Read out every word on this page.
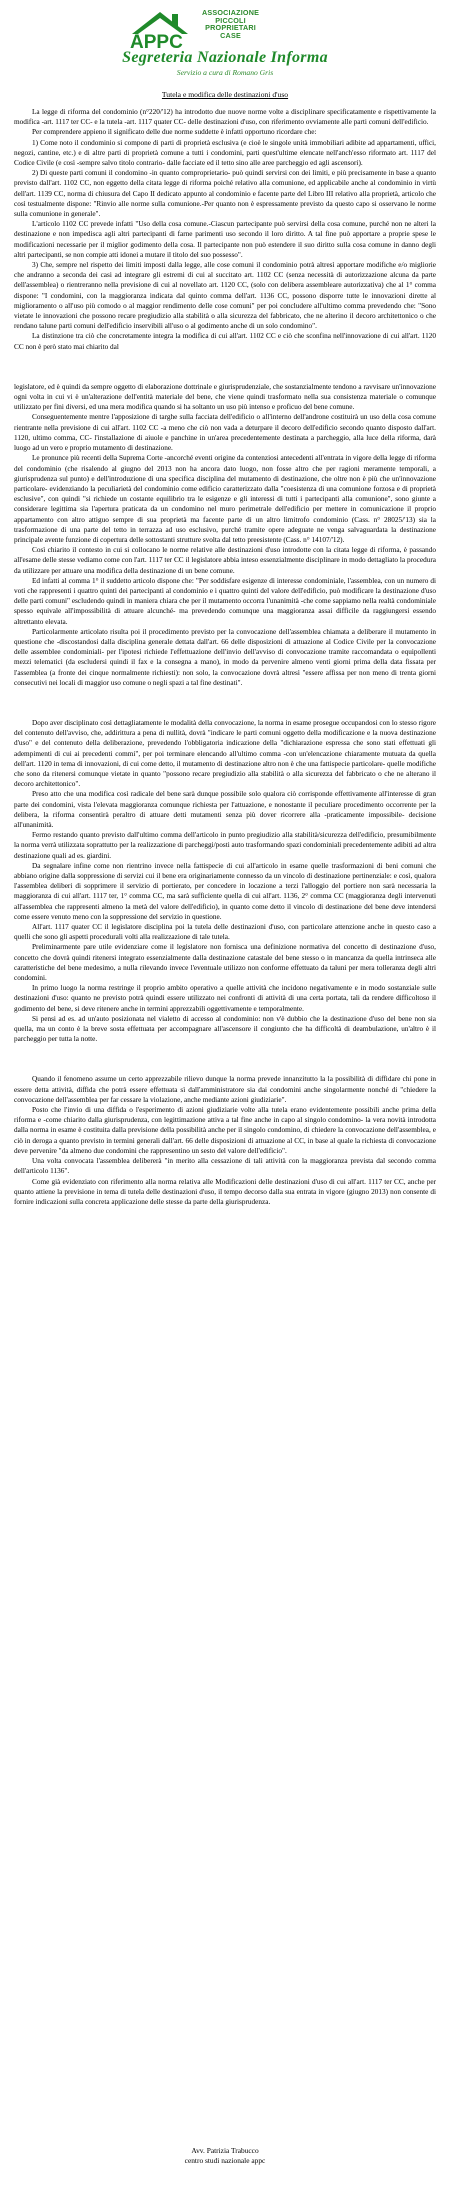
APPC
ASSOCIAZIONE
PICCOLI
PROPRIETARI
CASE
Segreteria Nazionale Informa
Servizio a cura di Romano Gris
Tutela e modifica delle destinazioni d'uso

La legge di riforma del condominio (n°220/'12) ha introdotto due nuove norme volte a disciplinare specificatamente e rispettivamente la modifica -art. 1117 ter CC- e la tutela -art. 1117 quater CC- delle destinazioni d'uso, con riferimento ovviamente alle parti comuni dell'edificio.

Per comprendere appieno il significato delle due norme suddette è infatti opportuno ricordare che:

1) Come noto il condominio si compone di parti di proprietà esclusiva (e cioè le singole unità immobiliari adibite ad appartamenti, uffici, negozi, cantine, etc.) e di altre parti di proprietà comune a tutti i condomini, parti quest'ultime elencate nell'anch'esso riformato art. 1117 del Codice Civile (e così -sempre salvo titolo contrario- dalle facciate ed il tetto sino alle aree parcheggio ed agli ascensori).

2) Di queste parti comuni il condomino -in quanto comproprietario- può quindi servirsi con dei limiti, e più precisamente in base a quanto previsto dall'art. 1102 CC, non eggetto della citata legge di riforma poiché relativo alla comunione, ed applicabile anche al condominio in virtù dell'art. 1139 CC, norma di chiusura del Capo II dedicato appunto al condominio e facente parte del Libro III relativo alla proprietà, articolo che così testualmente dispone: "Rinvio alle norme sulla comunione.-Per quanto non è espressamente previsto da questo capo si osservano le norme sulla comunione in generale".

L'articolo 1102 CC prevede infatti "Uso della cosa comune.-Ciascun partecipante può servirsi della cosa comune, purché non ne alteri la destinazione e non impedisca agli altri partecipanti di farne parimenti uso secondo il loro diritto. A tal fine può apportare a proprie spese le modificazioni necessarie per il miglior godimento della cosa. Il partecipante non può estendere il suo diritto sulla cosa comune in danno degli altri partecipanti, se non compie atti idonei a mutare il titolo del suo possesso".

3) Che, sempre nel rispetto dei limiti imposti dalla legge, alle cose comuni il condominio potrà altresì apportare modifiche e/o migliorie che andranno a seconda dei casi ad integrare gli estremi di cui al succitato art. 1102 CC (senza necessità di autorizzazione alcuna da parte dell'assemblea) o rientreranno nella previsione di cui al novellato art. 1120 CC, (solo con delibera assembleare autorizzativa) che al 1° comma dispone: "I condomini, con la maggioranza indicata dal quinto comma dell'art. 1136 CC, possono disporre tutte le innovazioni dirette al miglioramento o all'uso più comodo o al maggior rendimento delle cose comuni" per poi concludere all'ultimo comma prevedendo che: "Sono vietate le innovazioni che possono recare pregiudizio alla stabilità o alla sicurezza del fabbricato, che ne alterino il decoro architettonico o che rendano talune parti comuni dell'edificio inservibili all'uso o al godimento anche di un solo condomino".

La distinzione tra ciò che concretamente integra la modifica di cui all'art. 1102 CC e ciò che sconfina nell'innovazione di cui all'art. 1120 CC non è però stato mai chiarito dal

legislatore, ed è quindi da sempre oggetto di elaborazione dottrinale e giurisprudenziale, che sostanzialmente tendono a ravvisare un'innovazione ogni volta in cui vi è un'alterazione dell'entità materiale del bene, che viene quindi trasformato nella sua consistenza materiale o comunque utilizzato per fini diversi, ed una mera modifica quando si ha soltanto un uso più intenso e proficuo del bene comune.

Conseguentemente mentre l'apposizione di targhe sulla facciata dell'edificio o all'interno dell'androne costituirà un uso della cosa comune rientrante nella previsione di cui all'art. 1102 CC -a meno che ciò non vada a deturpare il decoro dell'edificio secondo quanto disposto dall'art. 1120, ultimo comma, CC- l'installazione di aiuole e panchine in un'area precedentemente destinata a parcheggio, alla luce della riforma, darà luogo ad un vero e proprio mutamento di destinazione.

Le pronunce più recenti della Suprema Corte -ancorché eventi origine da contenziosi antecedenti all'entrata in vigore della legge di riforma del condominio (che risalendo al giugno del 2013 non ha ancora dato luogo, non fosse altro che per ragioni meramente temporali, a giurisprudenza sul punto) e dell'introduzione di una specifica disciplina del mutamento di destinazione, che oltre non è più che un'innovazione particolare- evidenziando la peculiarietà del condominio come edificio caratterizzato dalla "coesistenza di una comunione forzosa e di proprietà esclusive", con quindi "si richiede un costante equilibrio tra le esigenze e gli interessi di tutti i partecipanti alla comunione", sono giunte a considerare legittima sia l'apertura praticata da un condomino nel muro perimetrale dell'edificio per mettere in comunicazione il proprio appartamento con altro attiguo sempre di sua proprietà ma facente parte di un altro limitrofo condominio (Cass. n° 28025/'13) sia la trasformazione di una parte del tetto in terrazza ad uso esclusivo, purché tramite opere adeguate ne venga salvaguardata la destinazione principale avente funzione di copertura delle sottostanti strutture svolta dal tetto preesistente (Cass. n° 14107/'12).

Così chiarito il contesto in cui si collocano le norme relative alle destinazioni d'uso introdotte con la citata legge di riforma, è passando all'esame delle stesse vediamo come con l'art. 1117 ter CC il legislatore abbia inteso essenzialmente disciplinare in modo dettagliato la procedura da utilizzare per attuare una modifica della destinazione di un bene comune.

Ed infatti al comma 1° il suddetto articolo dispone che: "Per soddisfare esigenze di interesse condominiale, l'assemblea, con un numero di voti che rappresenti i quattro quinti dei partecipanti al condominio e i quattro quinti del valore dell'edificio, può modificare la destinazione d'uso delle parti comuni" escludendo quindi in maniera chiara che per il mutamento occorra l'unanimità -che come sappiamo nella realtà condominiale spesso equivale all'impossibilità di attuare alcunché- ma prevedendo comunque una maggioranza assai difficile da raggiungersi essendo altrettanto elevata.

Particolarmente articolato risulta poi il procedimento previsto per la convocazione dell'assemblea chiamata a deliberare il mutamento in questione che -discostandosi dalla disciplina generale dettata dall'art. 66 delle disposizioni di attuazione al Codice Civile per la convocazione delle assemblee condominiali- per l'ipotesi richiede l'effettuazione dell'invio dell'avviso di convocazione tramite raccomandata o equipollenti mezzi telematici (da escludersi quindi il fax e la consegna a mano), in modo da pervenire almeno venti giorni prima della data fissata per l'assemblea (a fronte dei cinque normalmente richiesti): non solo, la convocazione dovrà altresì "essere affissa per non meno di trenta giorni consecutivi nei locali di maggior uso comune o negli spazi a tal fine destinati".

Dopo aver disciplinato così dettagliatamente le modalità della convocazione, la norma in esame prosegue occupandosi con lo stesso rigore del contenuto dell'avviso, che, addirittura a pena di nullità, dovrà "indicare le parti comuni oggetto della modificazione e la nuova destinazione d'uso" e del contenuto della deliberazione, prevedendo l'obbligatoria indicazione della "dichiarazione espressa che sono stati effettuati gli adempimenti di cui ai precedenti commi", per poi terminare elencando all'ultimo comma -con un'elencazione chiaramente mutuata da quella dell'art. 1120 in tema di innovazioni, di cui come detto, il mutamento di destinazione altro non è che una fattispecie particolare- quelle modifiche che sono da ritenersi comunque vietate in quanto "possono recare pregiudizio alla stabilità o alla sicurezza del fabbricato o che ne alterano il decoro architettonico".

Preso atto che una modifica così radicale del bene sarà dunque possibile solo qualora ciò corrisponde effettivamente all'interesse di gran parte dei condomini, vista l'elevata maggioranza comunque richiesta per l'attuazione, e nonostante il peculiare procedimento occorrente per la delibera, la riforma consentirà peraltro di attuare detti mutamenti senza più dover ricorrere alla -praticamente impossibile- decisione all'unanimità.

Fermo restando quanto previsto dall'ultimo comma dell'articolo in punto pregiudizio alla stabilità/sicurezza dell'edificio, presumibilmente la norma verrà utilizzata soprattutto per la realizzazione di parcheggi/posti auto trasformando spazi condominiali precedentemente adibiti ad altra destinazione quali ad es. giardini.

Da segnalare infine come non rientrino invece nella fattispecie di cui all'articolo in esame quelle trasformazioni di beni comuni che abbiano origine dalla soppressione di servizi cui il bene era originariamente connesso da un vincolo di destinazione pertinenziale: e così, qualora l'assemblea deliberi di sopprimere il servizio di portierato, per concedere in locazione a terzi l'alloggio del portiere non sarà necessaria la maggioranza di cui all'art. 1117 ter, 1° comma CC, ma sarà sufficiente quella di cui all'art. 1136, 2° comma CC (maggioranza degli intervenuti all'assemblea che rappresenti almeno la metà del valore dell'edificio), in quanto come detto il vincolo di destinazione del bene deve intendersi come essere venuto meno con la soppressione del servizio in questione.

All'art. 1117 quater CC il legislatore disciplina poi la tutela delle destinazioni d'uso, con particolare attenzione anche in questo caso a quelli che sono gli aspetti procedurali volti alla realizzazione di tale tutela.

Preliminarmente pare utile evidenziare come il legislatore non fornisca una definizione normativa del concetto di destinazione d'uso, concetto che dovrà quindi ritenersi integrato essenzialmente dalla destinazione catastale del bene stesso o in mancanza da quella intrinseca alle caratteristiche del bene medesimo, a nulla rilevando invece l'eventuale utilizzo non conforme effettuato da taluni per mera tolleranza degli altri condomini.

In primo luogo la norma restringe il proprio ambito operativo a quelle attività che incidono negativamente e in modo sostanziale sulle destinazioni d'uso: quanto ne previsto potrà quindi essere utilizzato nei confronti di attività di una certa portata, tali da rendere difficoltoso il godimento del bene, si deve ritenere anche in termini apprezzabili oggettivamente e temporalmente.

Si pensi ad es. ad un'auto posizionata nel vialetto di accesso al condominio: non v'è dubbio che la destinazione d'uso del bene non sia quella, ma un conto è la breve sosta effettuata per accompagnare all'ascensore il congiunto che ha difficoltà di deambulazione, un'altro è il parcheggio per tutta la notte.

Quando il fenomeno assume un certo apprezzabile rilievo dunque la norma prevede innanzitutto la la possibilità di diffidare chi pone in essere detta attività, diffida che potrà essere effettuata sì dall'amministratore sia dai condomini anche singolarmente nonché di "chiedere la convocazione dell'assemblea per far cessare la violazione, anche mediante azioni giudiziarie".

Posto che l'invio di una diffida o l'esperimento di azioni giudiziarie volte alla tutela erano evidentemente possibili anche prima della riforma e -come chiarito dalla giurisprudenza, con legittimazione attiva a tal fine anche in capo al singolo condomino- la vera novità introdotta dalla norma in esame è costituita dalla previsione della possibilità anche per il singolo condomino, di chiedere la convocazione dell'assemblea, e ciò in deroga a quanto previsto in termini generali dall'art. 66 delle disposizioni di attuazione al CC, in base al quale la richiesta di convocazione deve pervenire "da almeno due condomini che rappresentino un sesto del valore dell'edificio".

Una volta convocata l'assemblea delibererà "in merito alla cessazione di tali attività con la maggioranza prevista dal secondo comma dell'articolo 1136".

Come già evidenziato con riferimento alla norma relativa alle Modificazioni delle destinazioni d'uso di cui all'art. 1117 ter CC, anche per quanto attiene la previsione in tema di tutela delle destinazioni d'uso, il tempo decorso dalla sua entrata in vigore (giugno 2013) non consente di fornire indicazioni sulla concreta applicazione delle stesse da parte della giurisprudenza.

Avv. Patrizia Trabucco
centro studi nazionale appc
